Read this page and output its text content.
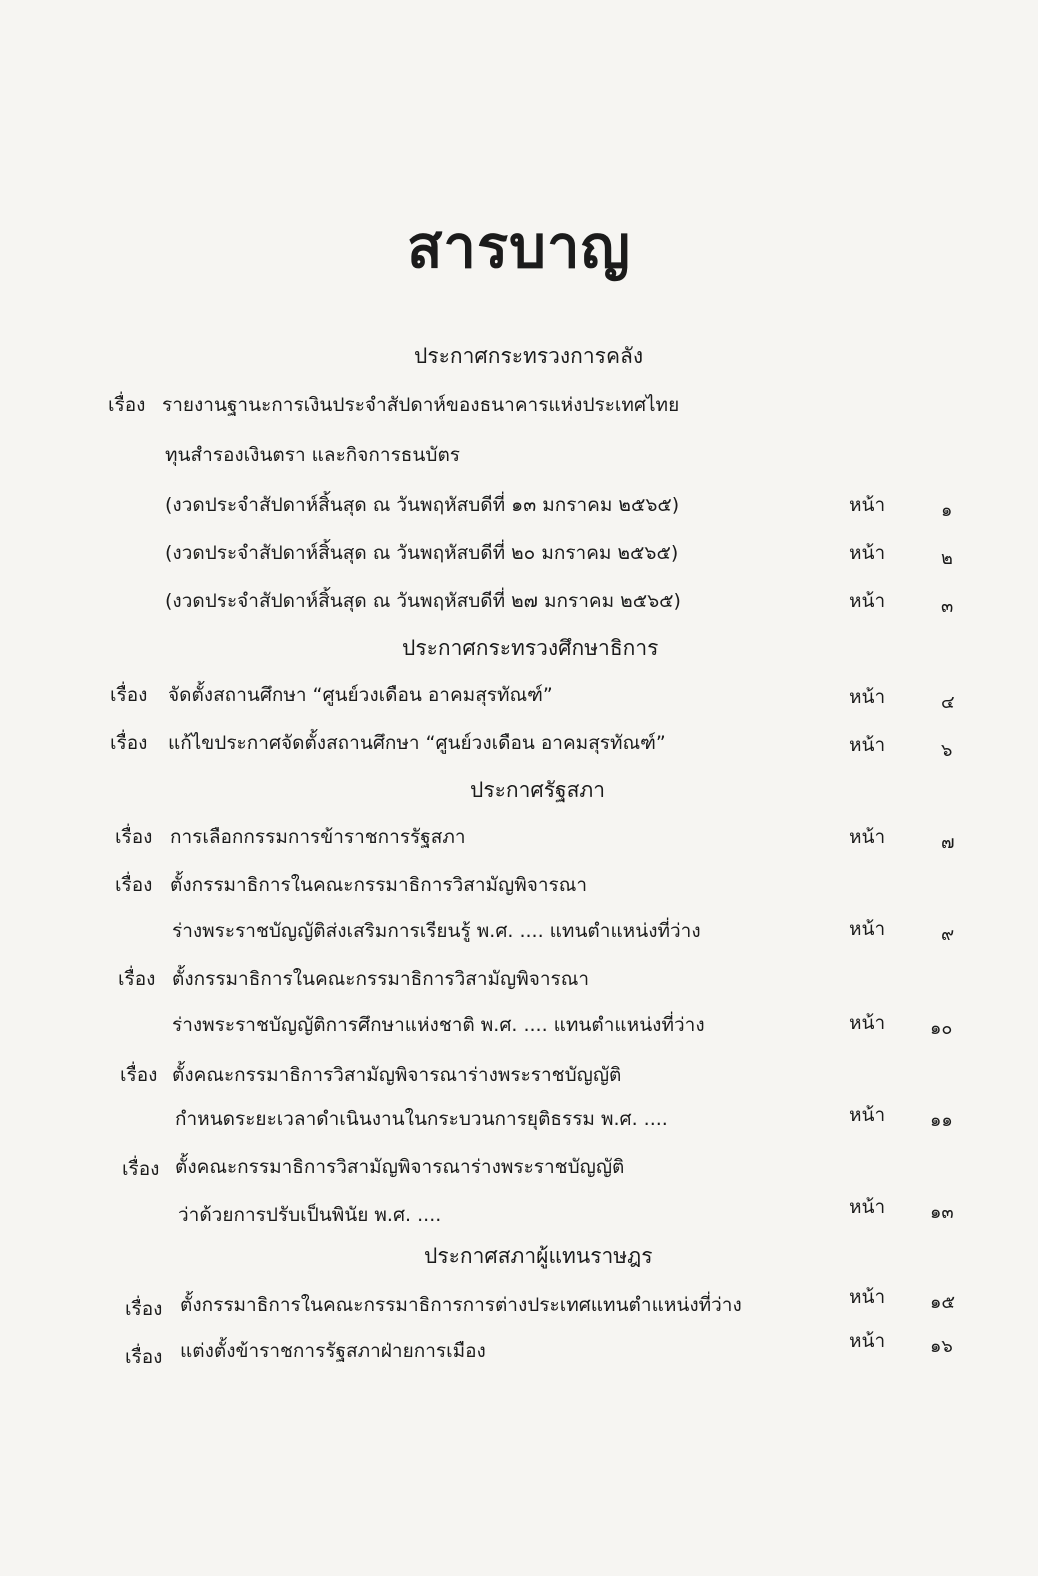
สารบาญ
ประกาศกระทรวงการคลัง
เรื่อง รายงานฐานะการเงินประจำสัปดาห์ของธนาคารแห่งประเทศไทย
ทุนสำรองเงินตรา และกิจการธนบัตร
(งวดประจำสัปดาห์สิ้นสุด ณ วันพฤหัสบดีที่ ๑๓ มกราคม ๒๕๖๕)	หน้า	๑
(งวดประจำสัปดาห์สิ้นสุด ณ วันพฤหัสบดีที่ ๒๐ มกราคม ๒๕๖๕)	หน้า	๒
(งวดประจำสัปดาห์สิ้นสุด ณ วันพฤหัสบดีที่ ๒๗ มกราคม ๒๕๖๕)	หน้า	๓
ประกาศกระทรวงศึกษาธิการ
เรื่อง จัดตั้งสถานศึกษา “ศูนย์วงเดือน อาคมสุรทัณฑ์”	หน้า	๔
เรื่อง แก้ไขประกาศจัดตั้งสถานศึกษา “ศูนย์วงเดือน อาคมสุรทัณฑ์”	หน้า	๖
ประกาศรัฐสภา
เรื่อง การเลือกกรรมการข้าราชการรัฐสภา	หน้า	๗
เรื่อง ตั้งกรรมาธิการในคณะกรรมาธิการวิสามัญพิจารณา
ร่างพระราชบัญญัติส่งเสริมการเรียนรู้ พ.ศ. .... แทนตำแหน่งที่ว่าง	หน้า	๙
เรื่อง ตั้งกรรมาธิการในคณะกรรมาธิการวิสามัญพิจารณา
ร่างพระราชบัญญัติการศึกษาแห่งชาติ พ.ศ. .... แทนตำแหน่งที่ว่าง	หน้า ๑๐
เรื่อง ตั้งคณะกรรมาธิการวิสามัญพิจารณาร่างพระราชบัญญัติ
กำหนดระยะเวลาดำเนินงานในกระบวนการยุติธรรม พ.ศ. ....	หน้า ๑๑
เรื่อง ตั้งคณะกรรมาธิการวิสามัญพิจารณาร่างพระราชบัญญัติ
ว่าด้วยการปรับเป็นพินัย พ.ศ. ....	หน้า ๑๓
ประกาศสภาผู้แทนราษฎร
เรื่อง ตั้งกรรมาธิการในคณะกรรมาธิการการต่างประเทศแทนตำแหน่งที่ว่าง	หน้า ๑๕
เรื่อง แต่งตั้งข้าราชการรัฐสภาฝ่ายการเมือง	หน้า ๑๖
